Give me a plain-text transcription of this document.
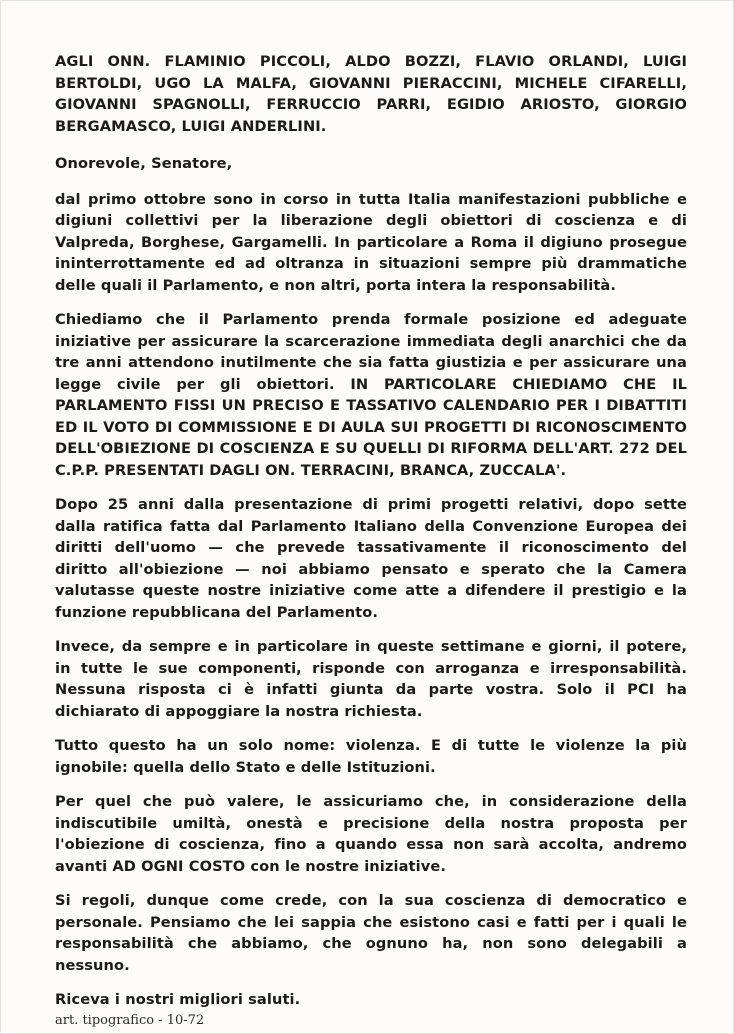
AGLI ONN. FLAMINIO PICCOLI, ALDO BOZZI, FLAVIO ORLANDI, LUIGI BERTOLDI, UGO LA MALFA, GIOVANNI PIERACCINI, MICHELE CIFARELLI, GIOVANNI SPAGNOLLI, FERRUCCIO PARRI, EGIDIO ARIOSTO, GIORGIO BERGAMASCO, LUIGI ANDERLINI.

Onorevole, Senatore,

dal primo ottobre sono in corso in tutta Italia manifestazioni pubbliche e digiuni collettivi per la liberazione degli obiettori di coscienza e di Valpreda, Borghese, Gargamelli. In particolare a Roma il digiuno prosegue ininterrottamente ed ad oltranza in situazioni sempre più drammatiche delle quali il Parlamento, e non altri, porta intera la responsabilità.

Chiediamo che il Parlamento prenda formale posizione ed adeguate iniziative per assicurare la scarcerazione immediata degli anarchici che da tre anni attendono inutilmente che sia fatta giustizia e per assicurare una legge civile per gli obiettori. IN PARTICOLARE CHIEDIAMO CHE IL PARLAMENTO FISSI UN PRECISO E TASSATIVO CALENDARIO PER I DIBATTITI ED IL VOTO DI COMMISSIONE E DI AULA SUI PROGETTI DI RICONOSCIMENTO DELL'OBIEZIONE DI COSCIENZA E SU QUELLI DI RIFORMA DELL'ART. 272 DEL C.P.P. PRESENTATI DAGLI ON. TERRACINI, BRANCA, ZUCCALA'.

Dopo 25 anni dalla presentazione di primi progetti relativi, dopo sette dalla ratifica fatta dal Parlamento Italiano della Convenzione Europea dei diritti dell'uomo — che prevede tassativamente il riconoscimento del diritto all'obiezione — noi abbiamo pensato e sperato che la Camera valutasse queste nostre iniziative come atte a difendere il prestigio e la funzione repubblicana del Parlamento.

Invece, da sempre e in particolare in queste settimane e giorni, il potere, in tutte le sue componenti, risponde con arroganza e irresponsabilità. Nessuna risposta ci è infatti giunta da parte vostra. Solo il PCI ha dichiarato di appoggiare la nostra richiesta.

Tutto questo ha un solo nome: violenza. E di tutte le violenze la più ignobile: quella dello Stato e delle Istituzioni.

Per quel che può valere, le assicuriamo che, in considerazione della indiscutibile umiltà, onestà e precisione della nostra proposta per l'obiezione di coscienza, fino a quando essa non sarà accolta, andremo avanti AD OGNI COSTO con le nostre iniziative.

Si regoli, dunque come crede, con la sua coscienza di democratico e personale. Pensiamo che lei sappia che esistono casi e fatti per i quali le responsabilità che abbiamo, che ognuno ha, non sono delegabili a nessuno.

Riceva i nostri migliori saluti.

art. tipografico - 10-72
